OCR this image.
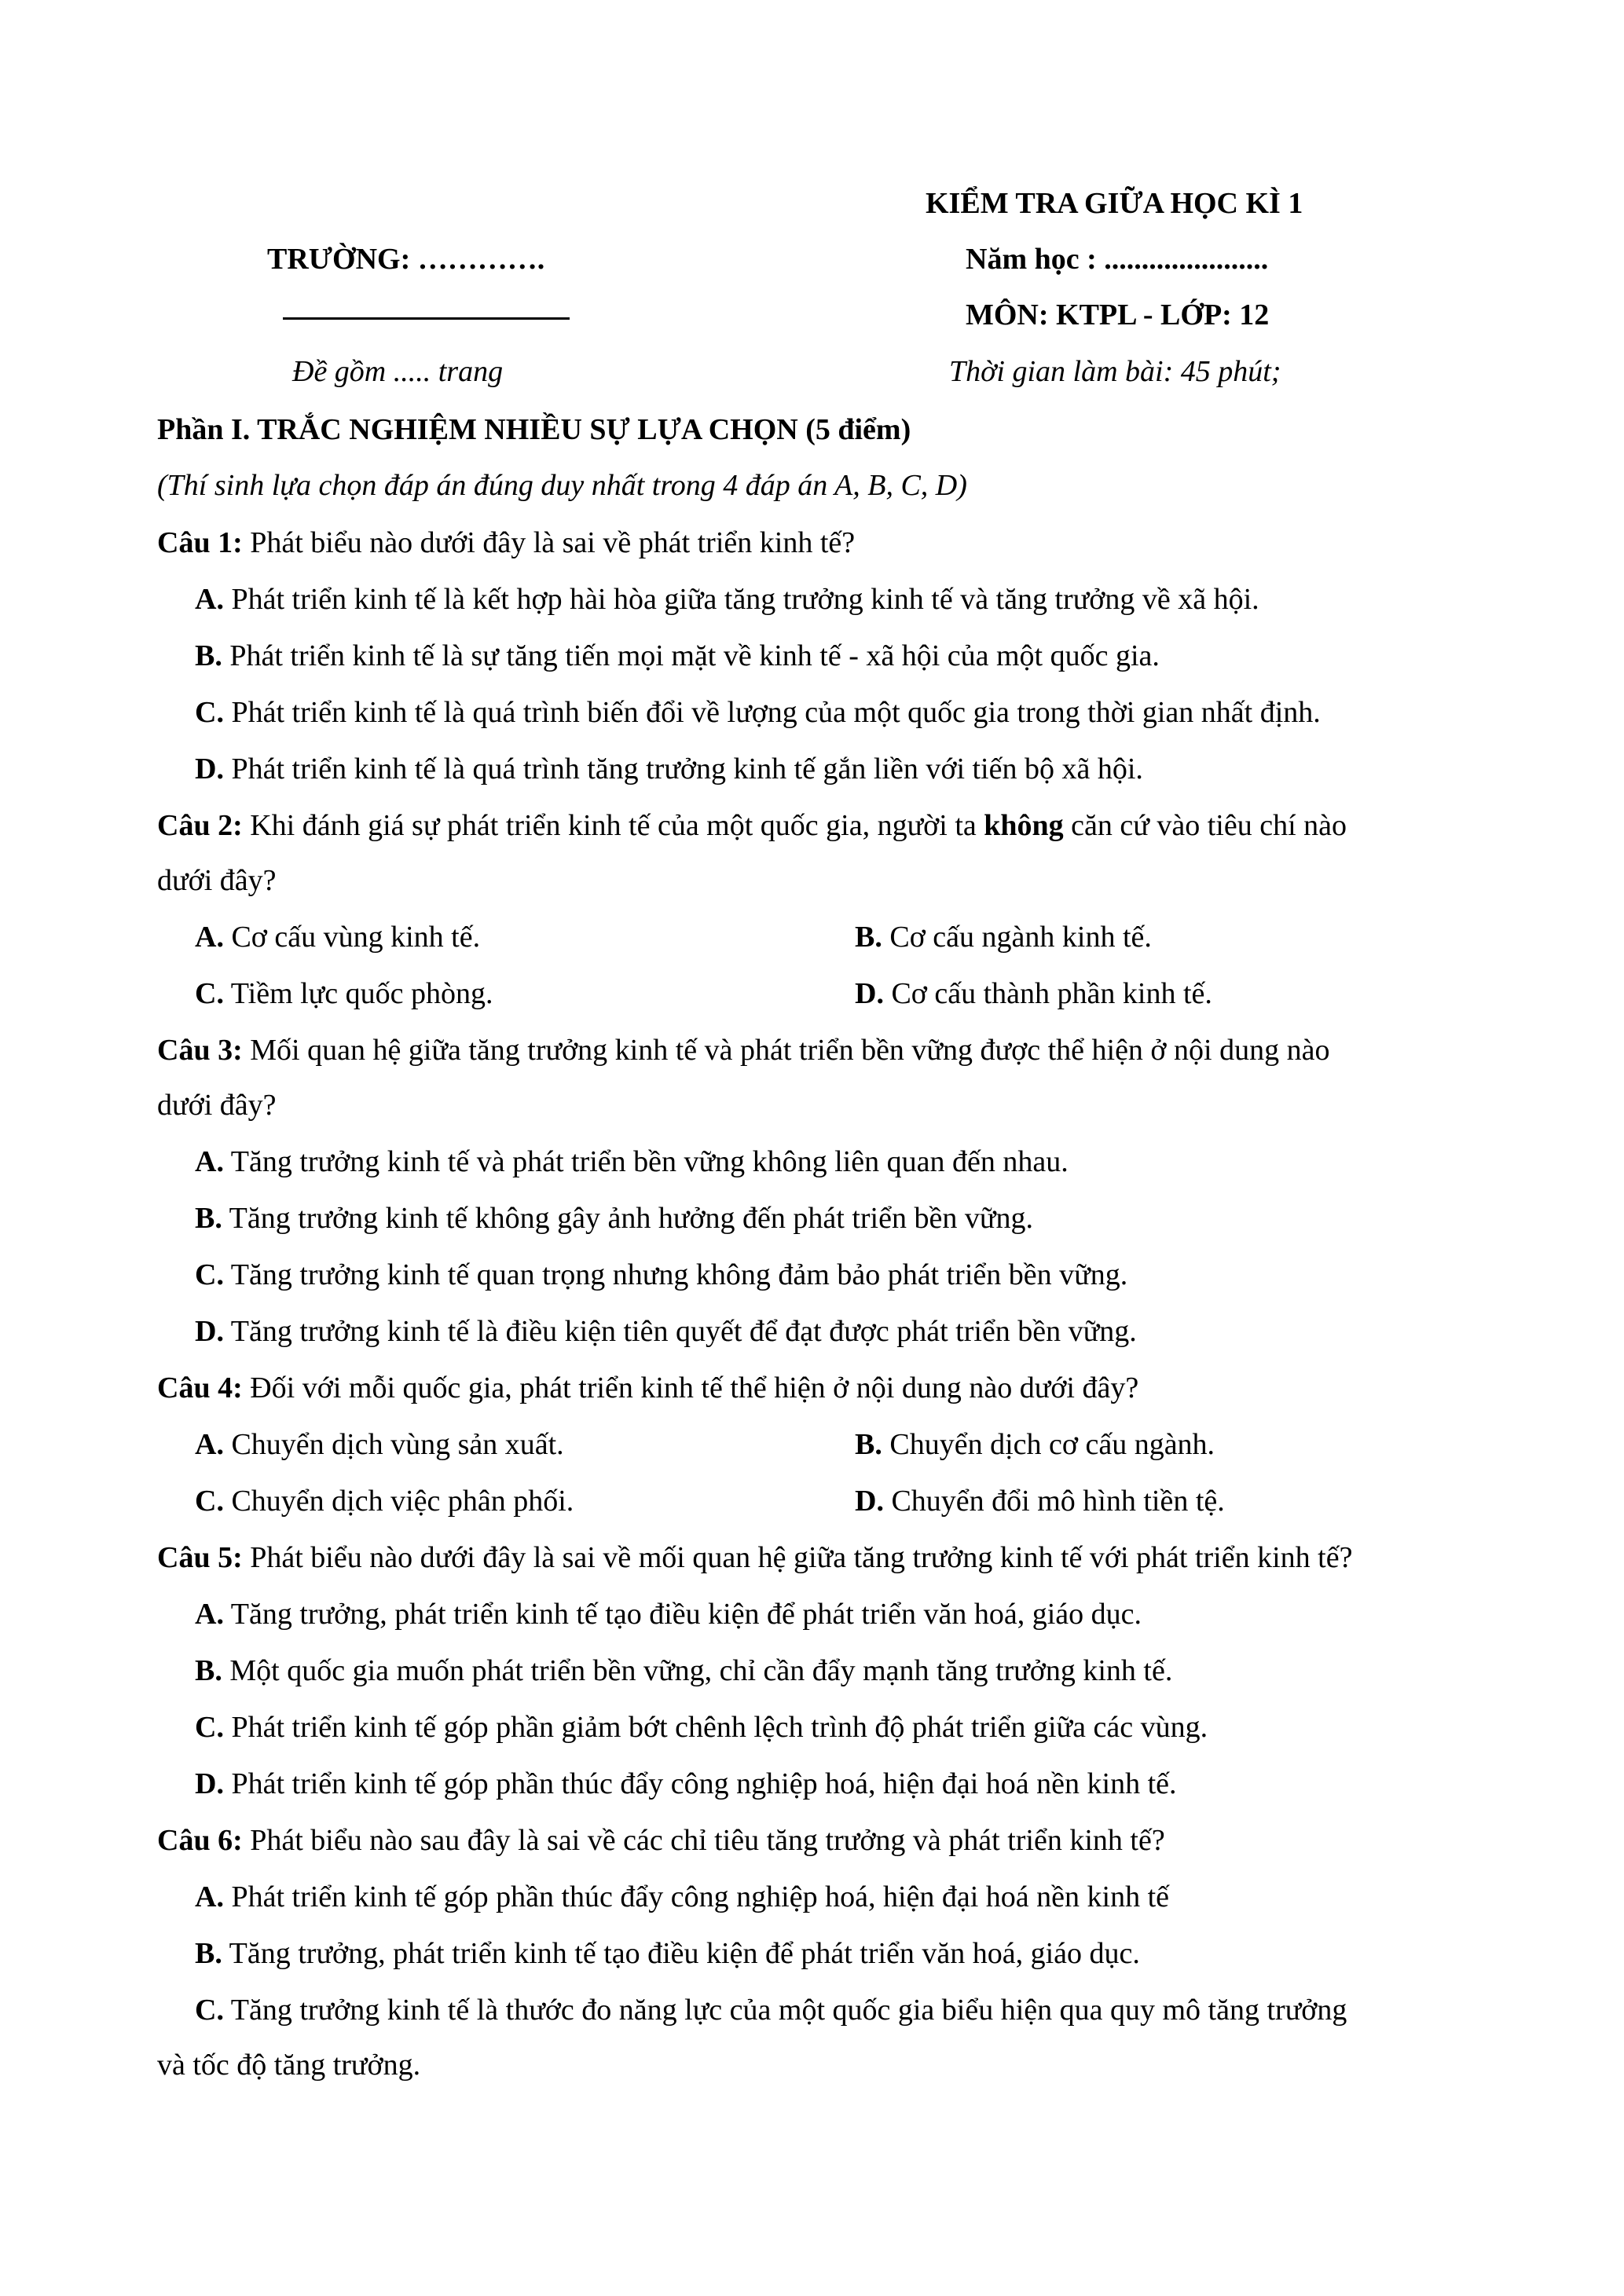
KIỂM TRA GIỮA HỌC KÌ 1
TRƯỜNG: ………….	Năm học : ......................
MÔN: KTPL - LỚP: 12
Đề gồm ..... trang	Thời gian làm bài: 45 phút;
Phần I. TRẮC NGHIỆM NHIỀU SỰ LỰA CHỌN (5 điểm)
(Thí sinh lựa chọn đáp án đúng duy nhất trong 4 đáp án A, B, C, D)
Câu 1: Phát biểu nào dưới đây là sai về phát triển kinh tế?
A. Phát triển kinh tế là kết hợp hài hòa giữa tăng trưởng kinh tế và tăng trưởng về xã hội.
B. Phát triển kinh tế là sự tăng tiến mọi mặt về kinh tế - xã hội của một quốc gia.
C. Phát triển kinh tế là quá trình biến đổi về lượng của một quốc gia trong thời gian nhất định.
D. Phát triển kinh tế là quá trình tăng trưởng kinh tế gắn liền với tiến bộ xã hội.
Câu 2: Khi đánh giá sự phát triển kinh tế của một quốc gia, người ta không căn cứ vào tiêu chí nào
dưới đây?
A. Cơ cấu vùng kinh tế.	B. Cơ cấu ngành kinh tế.
C. Tiềm lực quốc phòng.	D. Cơ cấu thành phần kinh tế.
Câu 3: Mối quan hệ giữa tăng trưởng kinh tế và phát triển bền vững được thể hiện ở nội dung nào
dưới đây?
A. Tăng trưởng kinh tế và phát triển bền vững không liên quan đến nhau.
B. Tăng trưởng kinh tế không gây ảnh hưởng đến phát triển bền vững.
C. Tăng trưởng kinh tế quan trọng nhưng không đảm bảo phát triển bền vững.
D. Tăng trưởng kinh tế là điều kiện tiên quyết để đạt được phát triển bền vững.
Câu 4: Đối với mỗi quốc gia, phát triển kinh tế thể hiện ở nội dung nào dưới đây?
A. Chuyển dịch vùng sản xuất.	B. Chuyển dịch cơ cấu ngành.
C. Chuyển dịch việc phân phối.	D. Chuyển đổi mô hình tiền tệ.
Câu 5: Phát biểu nào dưới đây là sai về mối quan hệ giữa tăng trưởng kinh tế với phát triển kinh tế?
A. Tăng trưởng, phát triển kinh tế tạo điều kiện để phát triển văn hoá, giáo dục.
B. Một quốc gia muốn phát triển bền vững, chỉ cần đẩy mạnh tăng trưởng kinh tế.
C. Phát triển kinh tế góp phần giảm bớt chênh lệch trình độ phát triển giữa các vùng.
D. Phát triển kinh tế góp phần thúc đẩy công nghiệp hoá, hiện đại hoá nền kinh tế.
Câu 6: Phát biểu nào sau đây là sai về các chỉ tiêu tăng trưởng và phát triển kinh tế?
A. Phát triển kinh tế góp phần thúc đẩy công nghiệp hoá, hiện đại hoá nền kinh tế
B. Tăng trưởng, phát triển kinh tế tạo điều kiện để phát triển văn hoá, giáo dục.
C. Tăng trưởng kinh tế là thước đo năng lực của một quốc gia biểu hiện qua quy mô tăng trưởng
và tốc độ tăng trưởng.
